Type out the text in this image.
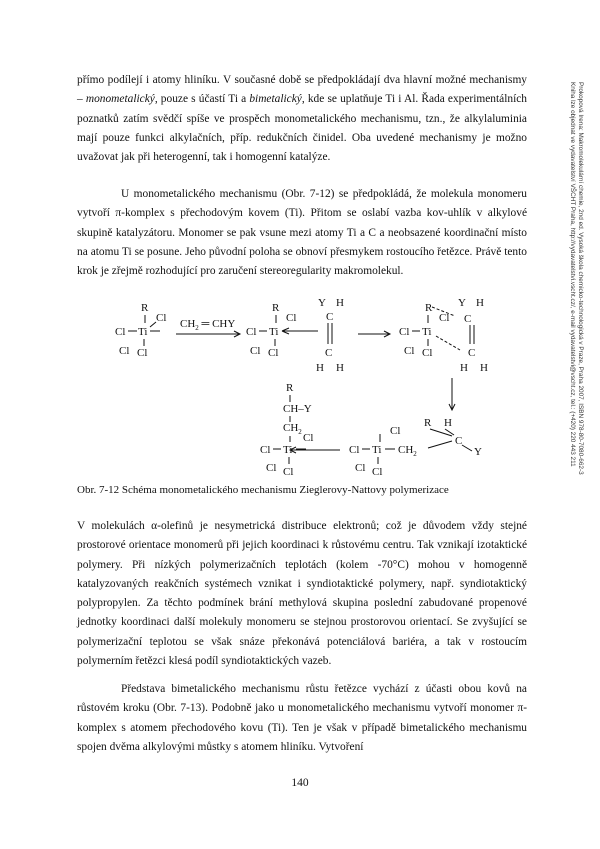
Prokopová Irena: Makromolekulární chemie, 2nd ed. Vysoká škola chemicko-technologická v Praze, Praha 2007, ISBN 978-80-7080-662-3
Kniha lze objednat ve vydavatelství VŠCHT Praha, http://vydavatelstvi.vscht.cz/, e-mail vydavatelstvi@vscht.cz, tel.: (+420) 220 443 211

přímo podílejí i atomy hliníku. V současné době se předpokládají dva hlavní možné mechanismy – monometalický, pouze s účastí Ti a bimetalický, kde se uplatňuje Ti i Al. Řada experimentálních poznatků zatím svědčí spíše ve prospěch monometalického mechanismu, tzn., že alkylaluminia mají pouze funkci alkylačních, příp. redukčních činidel. Oba uvedené mechanismy je možno uvažovat jak při heterogenní, tak i homogenní katalýze.

U monometalického mechanismu (Obr. 7-12) se předpokládá, že molekula monomeru vytvoří π-komplex s přechodovým kovem (Ti). Přitom se oslabí vazba kov-uhlík v alkylové skupině katalyzátoru. Monomer se pak vsune mezi atomy Ti a C a neobsazené koordinační místo na atomu Ti se posune. Jeho původní poloha se obnoví přesmykem rostoucího řetězce. Právě tento krok je zřejmě rozhodující pro zaručení stereoregularity makromolekul.

R
Cl
Cl Ti
Cl Cl
$CH_2$ ═ CHY
R
Cl
Cl Ti
Cl Cl
Y H
C
C
H H
R Y H
C
Cl
Cl Ti
Cl Cl	C
H H
R H
C
Y
Cl
Cl Ti $CH_2$
Cl Cl
R
CH–Y
$CH_2$ Cl
Cl Ti
Cl Cl

Obr. 7-12 Schéma monometalického mechanismu Zieglerovy-Nattovy polymerizace

V molekulách α-olefinů je nesymetrická distribuce elektronů; což je důvodem vždy stejné prostorové orientace monomerů při jejich koordinaci k růstovému centru. Tak vznikají izotaktické polymery. Při nízkých polymerizačních teplotách (kolem -70°C) mohou v homogenně katalyzovaných reakčních systémech vznikat i syndiotaktické polymery, např. syndiotaktický polypropylen. Za těchto podmínek brání methylová skupina poslední zabudované propenové jednotky koordinaci další molekuly monomeru se stejnou prostorovou orientací. Se zvyšující se polymerizační teplotou se však snáze překonává potenciálová bariéra, a tak v rostoucím polymerním řetězci klesá podíl syndiotaktických vazeb.

Představa bimetalického mechanismu růstu řetězce vychází z účasti obou kovů na růstovém kroku (Obr. 7-13). Podobně jako u monometalického mechanismu vytvoří monomer π-komplex s atomem přechodového kovu (Ti). Ten je však v případě bimetalického mechanismu spojen dvěma alkylovými můstky s atomem hliníku. Vytvoření

140
